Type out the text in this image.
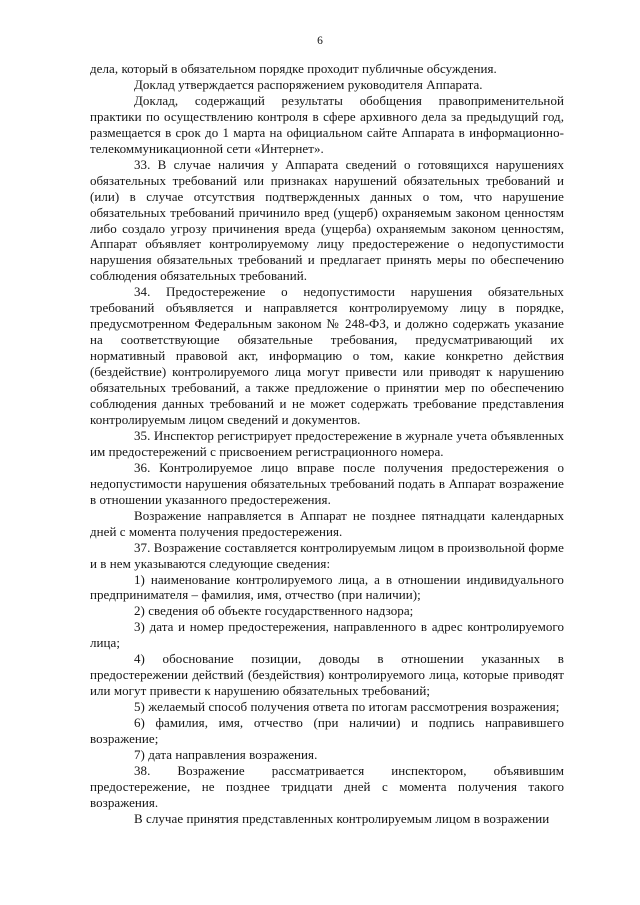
6

дела, который в обязательном порядке проходит публичные обсуждения.

Доклад утверждается распоряжением руководителя Аппарата.

Доклад, содержащий результаты обобщения правоприменительной практики по осуществлению контроля в сфере архивного дела за предыдущий год, размещается в срок до 1 марта на официальном сайте Аппарата в информационно-телекоммуникационной сети «Интернет».

33. В случае наличия у Аппарата сведений о готовящихся нарушениях обязательных требований или признаках нарушений обязательных требований и (или) в случае отсутствия подтвержденных данных о том, что нарушение обязательных требований причинило вред (ущерб) охраняемым законом ценностям либо создало угрозу причинения вреда (ущерба) охраняемым законом ценностям, Аппарат объявляет контролируемому лицу предостережение о недопустимости нарушения обязательных требований и предлагает принять меры по обеспечению соблюдения обязательных требований.

34. Предостережение о недопустимости нарушения обязательных требований объявляется и направляется контролируемому лицу в порядке, предусмотренном Федеральным законом № 248-ФЗ, и должно содержать указание на соответствующие обязательные требования, предусматривающий их нормативный правовой акт, информацию о том, какие конкретно действия (бездействие) контролируемого лица могут привести или приводят к нарушению обязательных требований, а также предложение о принятии мер по обеспечению соблюдения данных требований и не может содержать требование представления контролируемым лицом сведений и документов.

35. Инспектор регистрирует предостережение в журнале учета объявленных им предостережений с присвоением регистрационного номера.

36. Контролируемое лицо вправе после получения предостережения о недопустимости нарушения обязательных требований подать в Аппарат возражение в отношении указанного предостережения.

Возражение направляется в Аппарат не позднее пятнадцати календарных дней с момента получения предостережения.

37. Возражение составляется контролируемым лицом в произвольной форме и в нем указываются следующие сведения:

1) наименование контролируемого лица, а в отношении индивидуального предпринимателя – фамилия, имя, отчество (при наличии);

2) сведения об объекте государственного надзора;

3) дата и номер предостережения, направленного в адрес контролируемого лица;

4) обоснование позиции, доводы в отношении указанных в предостережении действий (бездействия) контролируемого лица, которые приводят или могут привести к нарушению обязательных требований;

5) желаемый способ получения ответа по итогам рассмотрения возражения;

6) фамилия, имя, отчество (при наличии) и подпись направившего возражение;

7) дата направления возражения.

38. Возражение рассматривается инспектором, объявившим предостережение, не позднее тридцати дней с момента получения такого возражения.

В случае принятия представленных контролируемым лицом в возражении
